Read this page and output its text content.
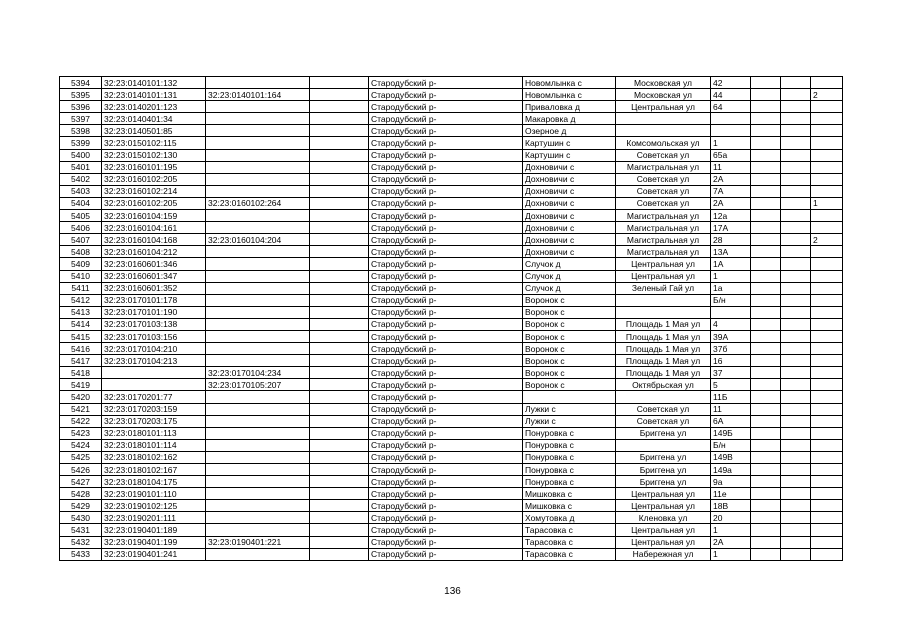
5394	32:23:0140101:132			Стародубский р-	Новомлынка с	Московская ул	42			
5395	32:23:0140101:131	32:23:0140101:164		Стародубский р-	Новомлынка с	Московская ул	44			2
5396	32:23:0140201:123			Стародубский р-	Приваловка д	Центральная ул	64			
5397	32:23:0140401:34			Стародубский р-	Макаровка д					
5398	32:23:0140501:85			Стародубский р-	Озерное д					
5399	32:23:0150102:115			Стародубский р-	Картушин с	Комсомольская ул	1			
5400	32:23:0150102:130			Стародубский р-	Картушин с	Советская ул	65а			
5401	32:23:0160101:195			Стародубский р-	Дохновичи с	Магистральная ул	11			
5402	32:23:0160102:205			Стародубский р-	Дохновичи с	Советская ул	2А			
5403	32:23:0160102:214			Стародубский р-	Дохновичи с	Советская ул	7А			
5404	32:23:0160102:205	32:23:0160102:264		Стародубский р-	Дохновичи с	Советская ул	2А			1
5405	32:23:0160104:159			Стародубский р-	Дохновичи с	Магистральная ул	12а			
5406	32:23:0160104:161			Стародубский р-	Дохновичи с	Магистральная ул	17А			
5407	32:23:0160104:168	32:23:0160104:204		Стародубский р-	Дохновичи с	Магистральная ул	28			2
5408	32:23:0160104:212			Стародубский р-	Дохновичи с	Магистральная ул	13А			
5409	32:23:0160601:346			Стародубский р-	Случок д	Центральная ул	1А			
5410	32:23:0160601:347			Стародубский р-	Случок д	Центральная ул	1			
5411	32:23:0160601:352			Стародубский р-	Случок д	Зеленый Гай ул	1а			
5412	32:23:0170101:178			Стародубский р-	Воронок с		Б/н			
5413	32:23:0170101:190			Стародубский р-	Воронок с					
5414	32:23:0170103:138			Стародубский р-	Воронок с	Площадь 1 Мая ул	4			
5415	32:23:0170103:156			Стародубский р-	Воронок с	Площадь 1 Мая ул	39А			
5416	32:23:0170104:210			Стародубский р-	Воронок с	Площадь 1 Мая ул	37б			
5417	32:23:0170104:213			Стародубский р-	Воронок с	Площадь 1 Мая ул	16			
5418		32:23:0170104:234		Стародубский р-	Воронок с	Площадь 1 Мая ул	37			
5419		32:23:0170105:207		Стародубский р-	Воронок с	Октябрьская ул	5			
5420	32:23:0170201:77			Стародубский р-			11Б			
5421	32:23:0170203:159			Стародубский р-	Лужки с	Советская ул	11			
5422	32:23:0170203:175			Стародубский р-	Лужки с	Советская ул	6А			
5423	32:23:0180101:113			Стародубский р-	Понуровка с	Бриггена ул	149Б			
5424	32:23:0180101:114			Стародубский р-	Понуровка с		Б/н			
5425	32:23:0180102:162			Стародубский р-	Понуровка с	Бриггена ул	149В			
5426	32:23:0180102:167			Стародубский р-	Понуровка с	Бриггена ул	149а			
5427	32:23:0180104:175			Стародубский р-	Понуровка с	Бриггена ул	9а			
5428	32:23:0190101:110			Стародубский р-	Мишковка с	Центральная ул	11е			
5429	32:23:0190102:125			Стародубский р-	Мишковка с	Центральная ул	18В			
5430	32:23:0190201:111			Стародубский р-	Хомутовка д	Кленовка ул	20			
5431	32:23:0190401:189			Стародубский р-	Тарасовка с	Центральная ул	1			
5432	32:23:0190401:199	32:23:0190401:221		Стародубский р-	Тарасовка с	Центральная ул	2А			
5433	32:23:0190401:241			Стародубский р-	Тарасовка с	Набережная ул	1			
136
